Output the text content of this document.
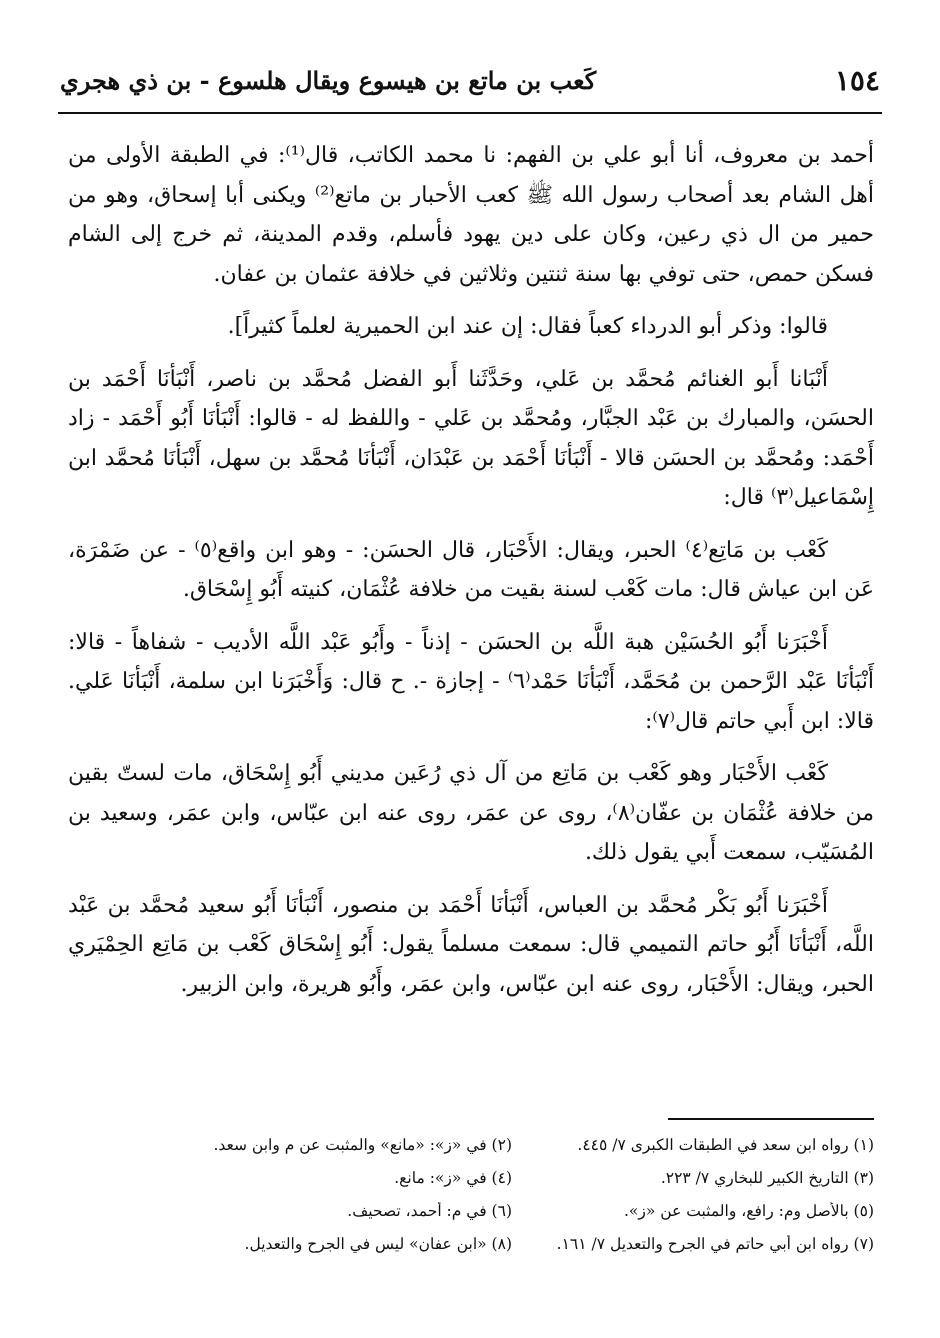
١٥٤
كَعب بن ماتع بن هيسوع ويقال هلسوع - بن ذي هجري

أحمد بن معروف، أنا أبو علي بن الفهم: نا محمد الكاتب، قال⁽¹⁾: في الطبقة الأولى من أهل الشام بعد أصحاب رسول الله ﷺ كعب الأحبار بن ماتع⁽²⁾ ويكنى أبا إسحاق، وهو من حمير من ال ذي رعين، وكان على دين يهود فأسلم، وقدم المدينة، ثم خرج إلى الشام فسكن حمص، حتى توفي بها سنة ثنتين وثلاثين في خلافة عثمان بن عفان.

قالوا: وذكر أبو الدرداء كعباً فقال: إن عند ابن الحميرية لعلماً كثيراً].

أَنْبَانا أَبو الغنائم مُحمَّد بن عَلي، وحَدَّثَنا أَبو الفضل مُحمَّد بن ناصر، أَنْبَأنَا أَحْمَد بن الحسَن، والمبارك بن عَبْد الجبَّار، ومُحمَّد بن عَلي - واللفظ له - قالوا: أَنْبَأنَا أَبُو أَحْمَد - زاد أَحْمَد: ومُحمَّد بن الحسَن قالا - أَنْبَأنَا أَحْمَد بن عَبْدَان، أَنْبَأنَا مُحمَّد بن سهل، أَنْبَأنَا مُحمَّد ابن إِسْمَاعيل⁽٣⁾ قال:

كَعْب بن مَاتِع⁽٤⁾ الحبر، ويقال: الأَحْبَار، قال الحسَن: - وهو ابن واقع⁽٥⁾ - عن ضَمْرَة، عَن ابن عياش قال: مات كَعْب لسنة بقيت من خلافة عُثْمَان، كنيته أَبُو إِسْحَاق.

أَخْبَرَنا أَبُو الحُسَيْن هبة اللَّه بن الحسَن - إذناً - وأَبُو عَبْد اللَّه الأديب - شفاهاً - قالا: أَنْبَأنَا عَبْد الرَّحمن بن مُحَمَّد، أَنْبَأنَا حَمْد⁽٦⁾ - إجازة -. ح قال: وَأَخْبَرَنا ابن سلمة، أَنْبَأنَا عَلي. قالا: ابن أَبي حاتم قال⁽٧⁾:

كَعْب الأَحْبَار وهو كَعْب بن مَاتِع من آل ذي رُعَين مديني أَبُو إِسْحَاق، مات لستّ بقين من خلافة عُثْمَان بن عفّان⁽٨⁾، روى عن عمَر، روى عنه ابن عبّاس، وابن عمَر، وسعيد بن المُسَيّب، سمعت أَبي يقول ذلك.

أَخْبَرَنا أَبُو بَكْر مُحمَّد بن العباس، أَنْبَأنَا أَحْمَد بن منصور، أَنْبَأنَا أَبُو سعيد مُحمَّد بن عَبْد اللَّه، أَنْبَأنَا أَبُو حاتم التميمي قال: سمعت مسلماً يقول: أَبُو إِسْحَاق كَعْب بن مَاتِع الحِمْيَري الحبر، ويقال: الأَحْبَار، روى عنه ابن عبّاس، وابن عمَر، وأَبُو هريرة، وابن الزبير.

(١) رواه ابن سعد في الطبقات الكبرى ٧/ ٤٤٥.
(٢) في «ز»: «مانع» والمثبت عن م وابن سعد.
(٣) التاريخ الكبير للبخاري ٧/ ٢٢٣.
(٤) في «ز»: مانع.
(٥) بالأصل وم: رافع، والمثبت عن «ز».
(٦) في م: أحمد، تصحيف.
(٧) رواه ابن أبي حاتم في الجرح والتعديل ٧/ ١٦١.
(٨) «ابن عفان» ليس في الجرح والتعديل.
